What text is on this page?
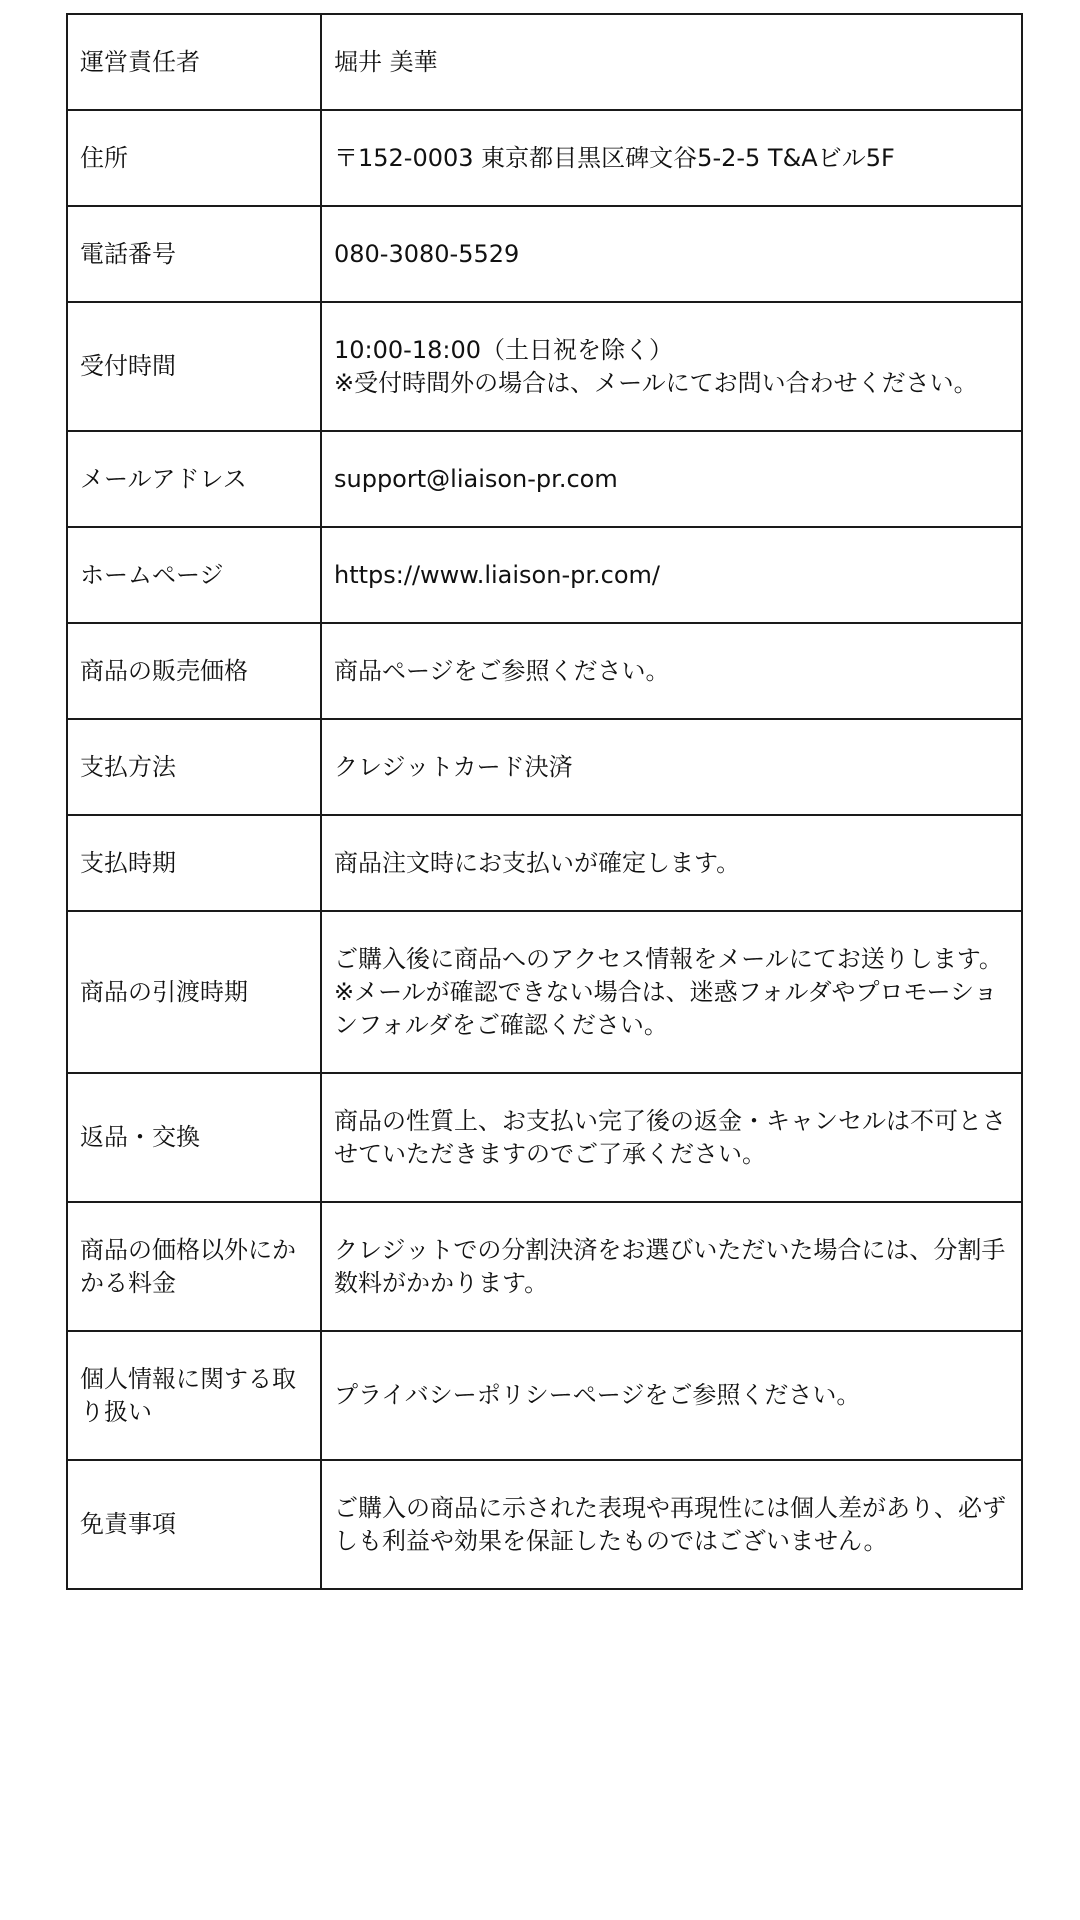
運営責任者	堀井 美華

住所	〒152-0003 東京都目黒区碑文谷5-2-5 T&Aビル5F

電話番号	080-3080-5529

受付時間	10:00-18:00（土日祝を除く）
※受付時間外の場合は、メールにてお問い合わせください。

メールアドレス	support@liaison-pr.com

ホームページ	https://www.liaison-pr.com/

商品の販売価格	商品ページをご参照ください。

支払方法	クレジットカード決済

支払時期	商品注文時にお支払いが確定します。

商品の引渡時期	ご購入後に商品へのアクセス情報をメールにてお送りします。
※メールが確認できない場合は、迷惑フォルダやプロモーションフォルダをご確認ください。

返品・交換	商品の性質上、お支払い完了後の返金・キャンセルは不可とさせていただきますのでご了承ください。

商品の価格以外にかかる料金	クレジットでの分割決済をお選びいただいた場合には、分割手数料がかかります。

個人情報に関する取り扱い	プライバシーポリシーページをご参照ください。

免責事項	ご購入の商品に示された表現や再現性には個人差があり、必ずしも利益や効果を保証したものではございません。
